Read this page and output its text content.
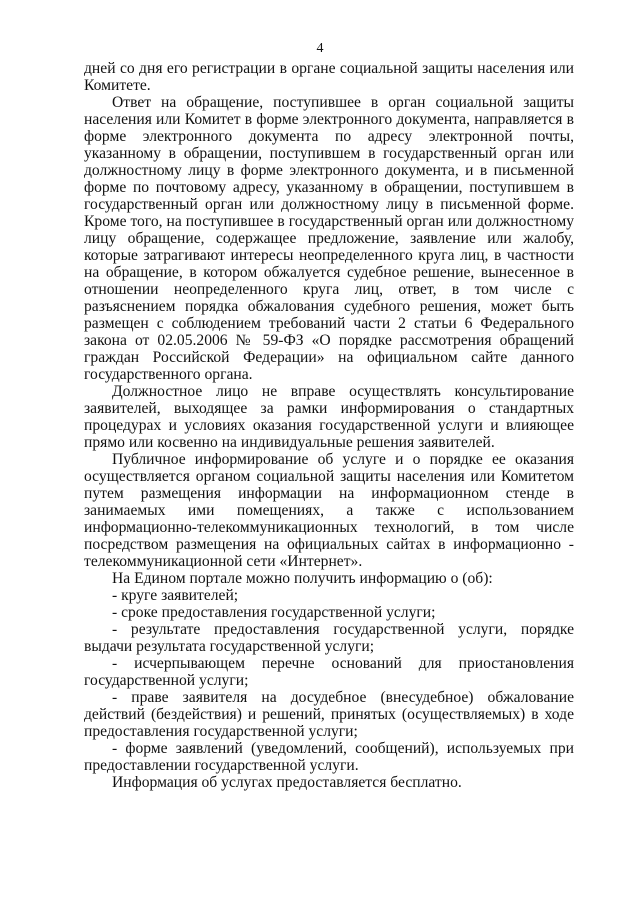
4

дней со дня его регистрации в органе социальной защиты населения или Комитете.

Ответ на обращение, поступившее в орган социальной защиты населения или Комитет в форме электронного документа, направляется в форме электронного документа по адресу электронной почты, указанному в обращении, поступившем в государственный орган или должностному лицу в форме электронного документа, и в письменной форме по почтовому адресу, указанному в обращении, поступившем в государственный орган или должностному лицу в письменной форме. Кроме того, на поступившее в государственный орган или должностному лицу обращение, содержащее предложение, заявление или жалобу, которые затрагивают интересы неопределенного круга лиц, в частности на обращение, в котором обжалуется судебное решение, вынесенное в отношении неопределенного круга лиц, ответ, в том числе с разъяснением порядка обжалования судебного решения, может быть размещен с соблюдением требований части 2 статьи 6 Федерального закона от 02.05.2006 № 59-ФЗ «О порядке рассмотрения обращений граждан Российской Федерации» на официальном сайте данного государственного органа.

Должностное лицо не вправе осуществлять консультирование заявителей, выходящее за рамки информирования о стандартных процедурах и условиях оказания государственной услуги и влияющее прямо или косвенно на индивидуальные решения заявителей.

Публичное информирование об услуге и о порядке ее оказания осуществляется органом социальной защиты населения или Комитетом путем размещения информации на информационном стенде в занимаемых ими помещениях, а также с использованием информационно-телекоммуникационных технологий, в том числе посредством размещения на официальных сайтах в информационно - телекоммуникационной сети «Интернет».

На Едином портале можно получить информацию о (об):

- круге заявителей;

- сроке предоставления государственной услуги;

- результате предоставления государственной услуги, порядке выдачи результата государственной услуги;

- исчерпывающем перечне оснований для приостановления государственной услуги;

- праве заявителя на досудебное (внесудебное) обжалование действий (бездействия) и решений, принятых (осуществляемых) в ходе предоставления государственной услуги;

- форме заявлений (уведомлений, сообщений), используемых при предоставлении государственной услуги.

Информация об услугах предоставляется бесплатно.
